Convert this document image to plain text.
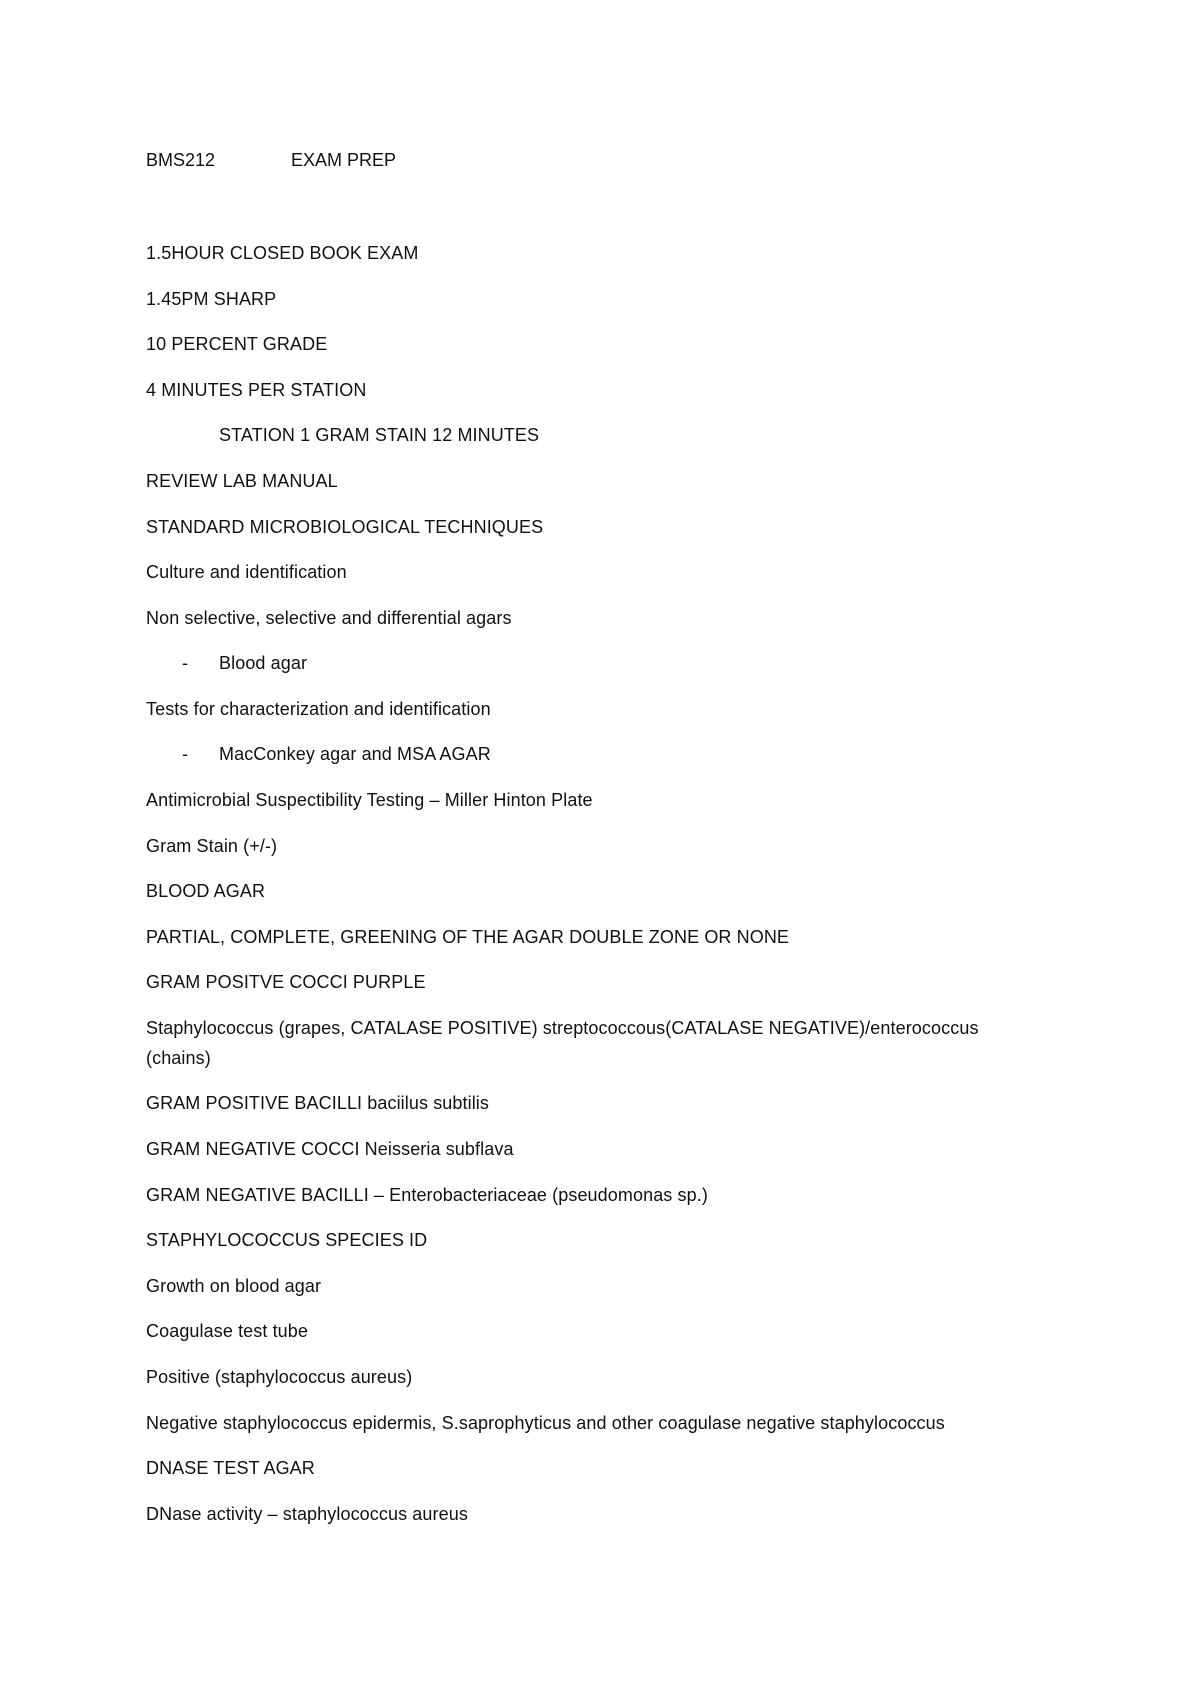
BMS212	EXAM PREP
1.5HOUR CLOSED BOOK EXAM
1.45PM SHARP
10 PERCENT GRADE
4 MINUTES PER STATION
STATION 1 GRAM STAIN 12 MINUTES
REVIEW LAB MANUAL
STANDARD MICROBIOLOGICAL TECHNIQUES
Culture and identification
Non selective, selective and differential agars
- Blood agar
Tests for characterization and identification
- MacConkey agar and MSA AGAR
Antimicrobial Suspectibility Testing – Miller Hinton Plate
Gram Stain (+/-)
BLOOD AGAR
PARTIAL, COMPLETE, GREENING OF THE AGAR DOUBLE ZONE OR NONE
GRAM POSITVE COCCI PURPLE
Staphylococcus (grapes, CATALASE POSITIVE) streptococcous(CATALASE NEGATIVE)/enterococcus (chains)
GRAM POSITIVE BACILLI baciilus subtilis
GRAM NEGATIVE COCCI Neisseria subflava
GRAM NEGATIVE BACILLI – Enterobacteriaceae (pseudomonas sp.)
STAPHYLOCOCCUS SPECIES ID
Growth on blood agar
Coagulase test tube
Positive (staphylococcus aureus)
Negative staphylococcus epidermis, S.saprophyticus and other coagulase negative staphylococcus
DNASE TEST AGAR
DNase activity – staphylococcus aureus
